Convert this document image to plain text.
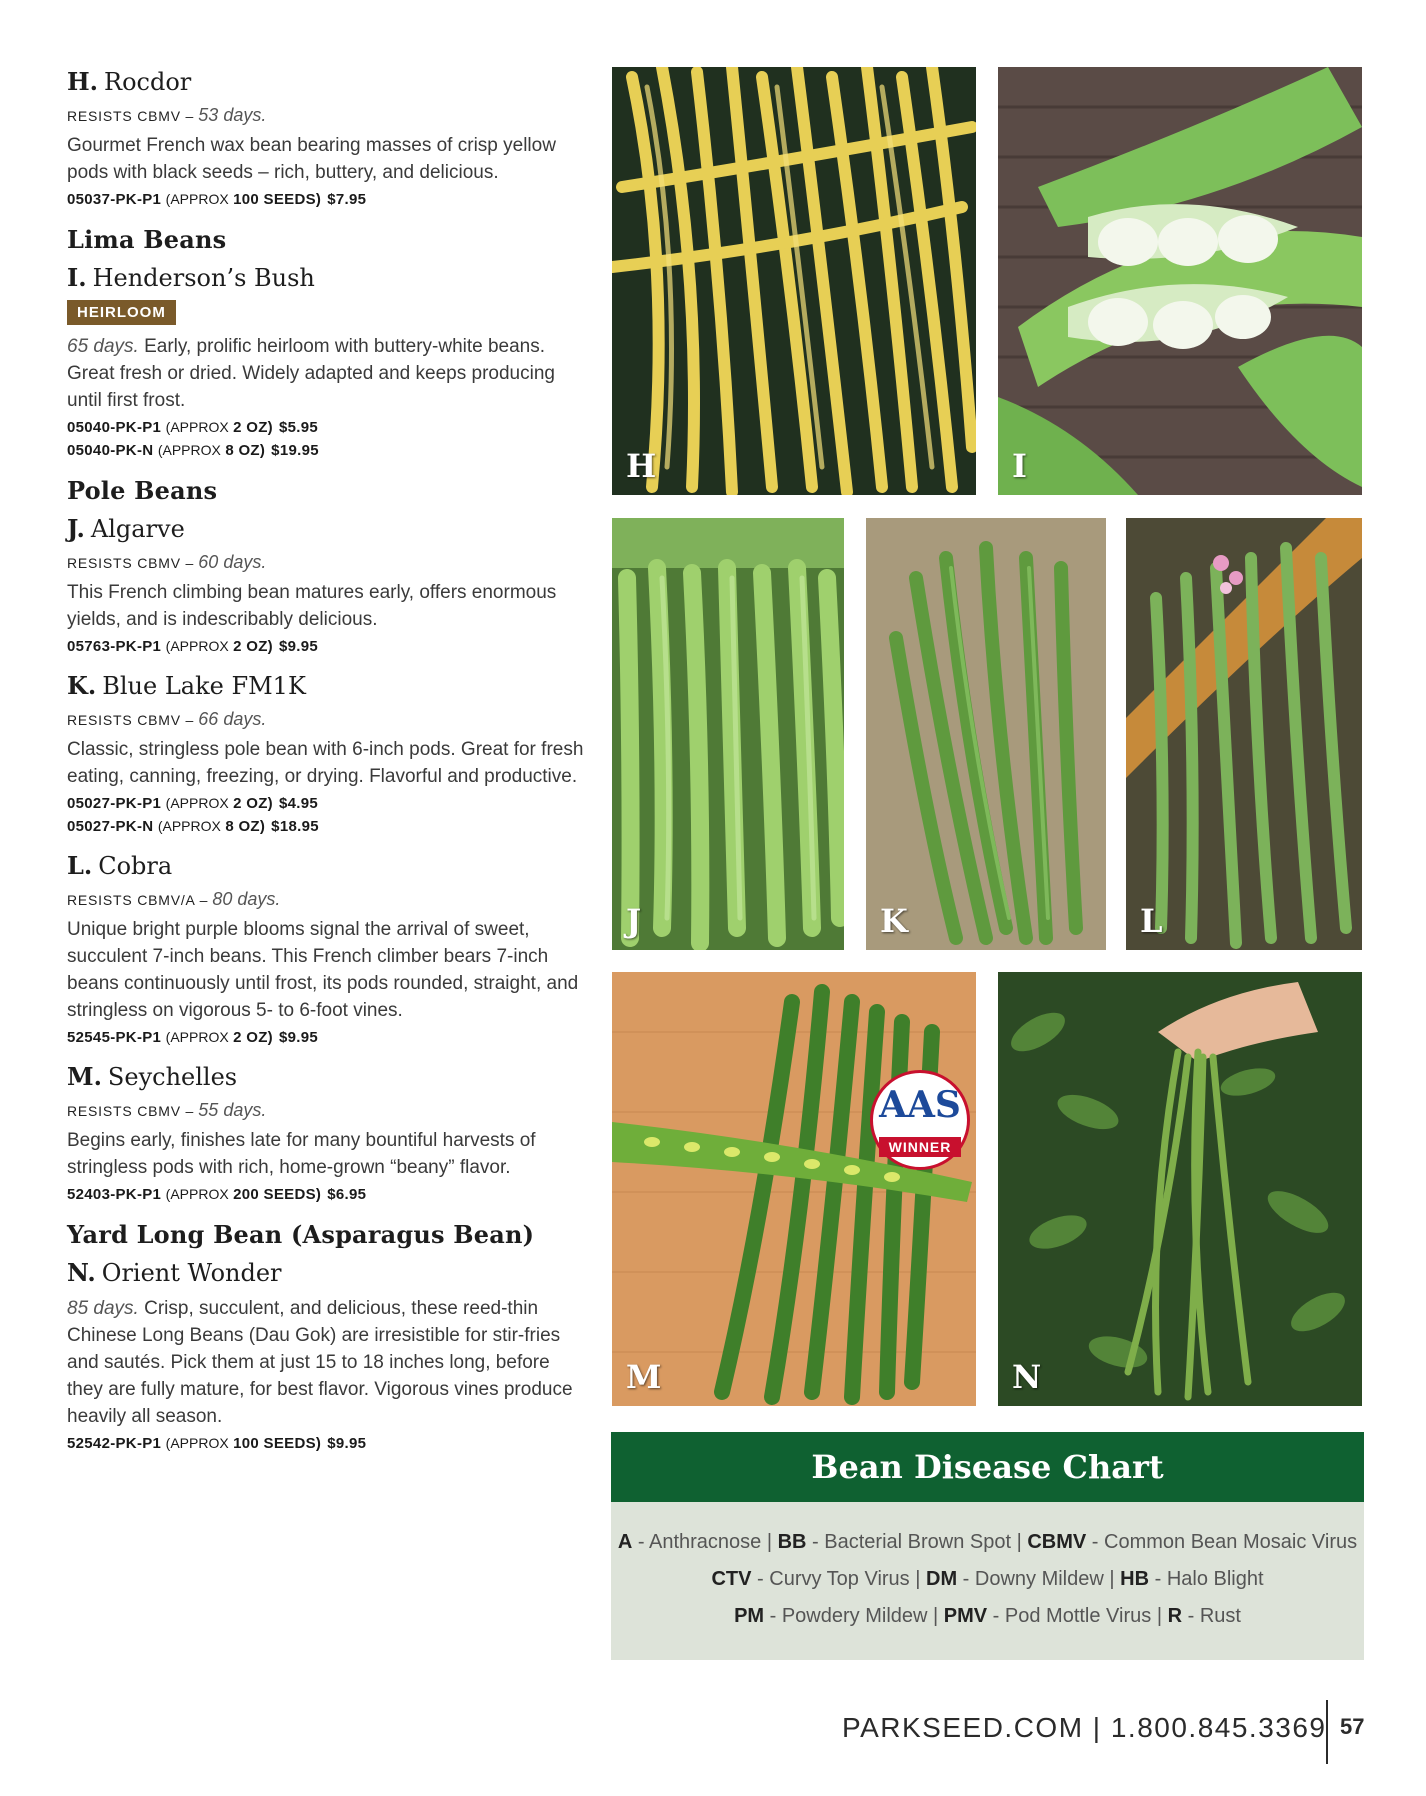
H. Rocdor
RESISTS CBMV – 53 days.
Gourmet French wax bean bearing masses of crisp yellow pods with black seeds – rich, buttery, and delicious.
05037-PK-P1 (APPROX 100 SEEDS) $7.95
Lima Beans
I. Henderson’s Bush
HEIRLOOM
65 days. Early, prolific heirloom with buttery-white beans. Great fresh or dried. Widely adapted and keeps producing until first frost.
05040-PK-P1 (APPROX 2 OZ) $5.95
05040-PK-N (APPROX 8 OZ) $19.95
Pole Beans
J. Algarve
RESISTS CBMV – 60 days.
This French climbing bean matures early, offers enormous yields, and is indescribably delicious.
05763-PK-P1 (APPROX 2 OZ) $9.95
K. Blue Lake FM1K
RESISTS CBMV – 66 days.
Classic, stringless pole bean with 6-inch pods. Great for fresh eating, canning, freezing, or drying. Flavorful and productive.
05027-PK-P1 (APPROX 2 OZ) $4.95
05027-PK-N (APPROX 8 OZ) $18.95
L. Cobra
RESISTS CBMV/A – 80 days.
Unique bright purple blooms signal the arrival of sweet, succulent 7-inch beans. This French climber bears 7-inch beans continuously until frost, its pods rounded, straight, and stringless on vigorous 5- to 6-foot vines.
52545-PK-P1 (APPROX 2 OZ) $9.95
M. Seychelles
RESISTS CBMV – 55 days.
Begins early, finishes late for many bountiful harvests of stringless pods with rich, home-grown “beany” flavor.
52403-PK-P1 (APPROX 200 SEEDS) $6.95
Yard Long Bean (Asparagus Bean)
N. Orient Wonder
85 days. Crisp, succulent, and delicious, these reed-thin Chinese Long Beans (Dau Gok) are irresistible for stir-fries and sautés. Pick them at just 15 to 18 inches long, before they are fully mature, for best flavor. Vigorous vines produce heavily all season.
52542-PK-P1 (APPROX 100 SEEDS) $9.95
H	I
J	K	L
AAS
WINNER
M	N
Bean Disease Chart
A - Anthracnose | BB - Bacterial Brown Spot | CBMV - Common Bean Mosaic Virus
CTV - Curvy Top Virus | DM - Downy Mildew | HB - Halo Blight
PM - Powdery Mildew | PMV - Pod Mottle Virus | R - Rust
PARKSEED.COM | 1.800.845.3369 57
